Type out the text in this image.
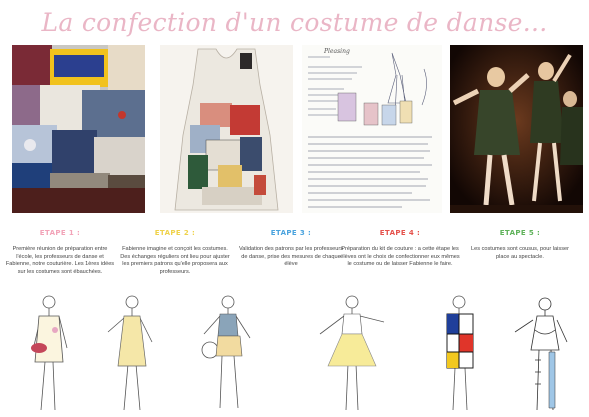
La confection d'un costume de danse...
Pleasing
ETAPE 1 :
Première réunion de préparation entre l'école, les professeurs de danse et Fabienne, notre couturière. Les 1ères idées sur les costumes sont ébauchées.
ETAPE 2 :
Fabienne imagine et conçoit les costumes. Des échanges réguliers ont lieu pour ajuster les premiers patrons qu'elle proposera aux professeurs.
ETAPE 3 :
Validation des patrons par les professeurs de danse, prise des mesures de chaque élève
ETAPE 4 :
Préparation du kit de couture : a cette étape les élèves ont le choix de confectionner eux mêmes le costume ou de laisser Fabienne le faire.
ETAPE 5 :
Les costumes sont cousus, pour laisser place au spectacle.
